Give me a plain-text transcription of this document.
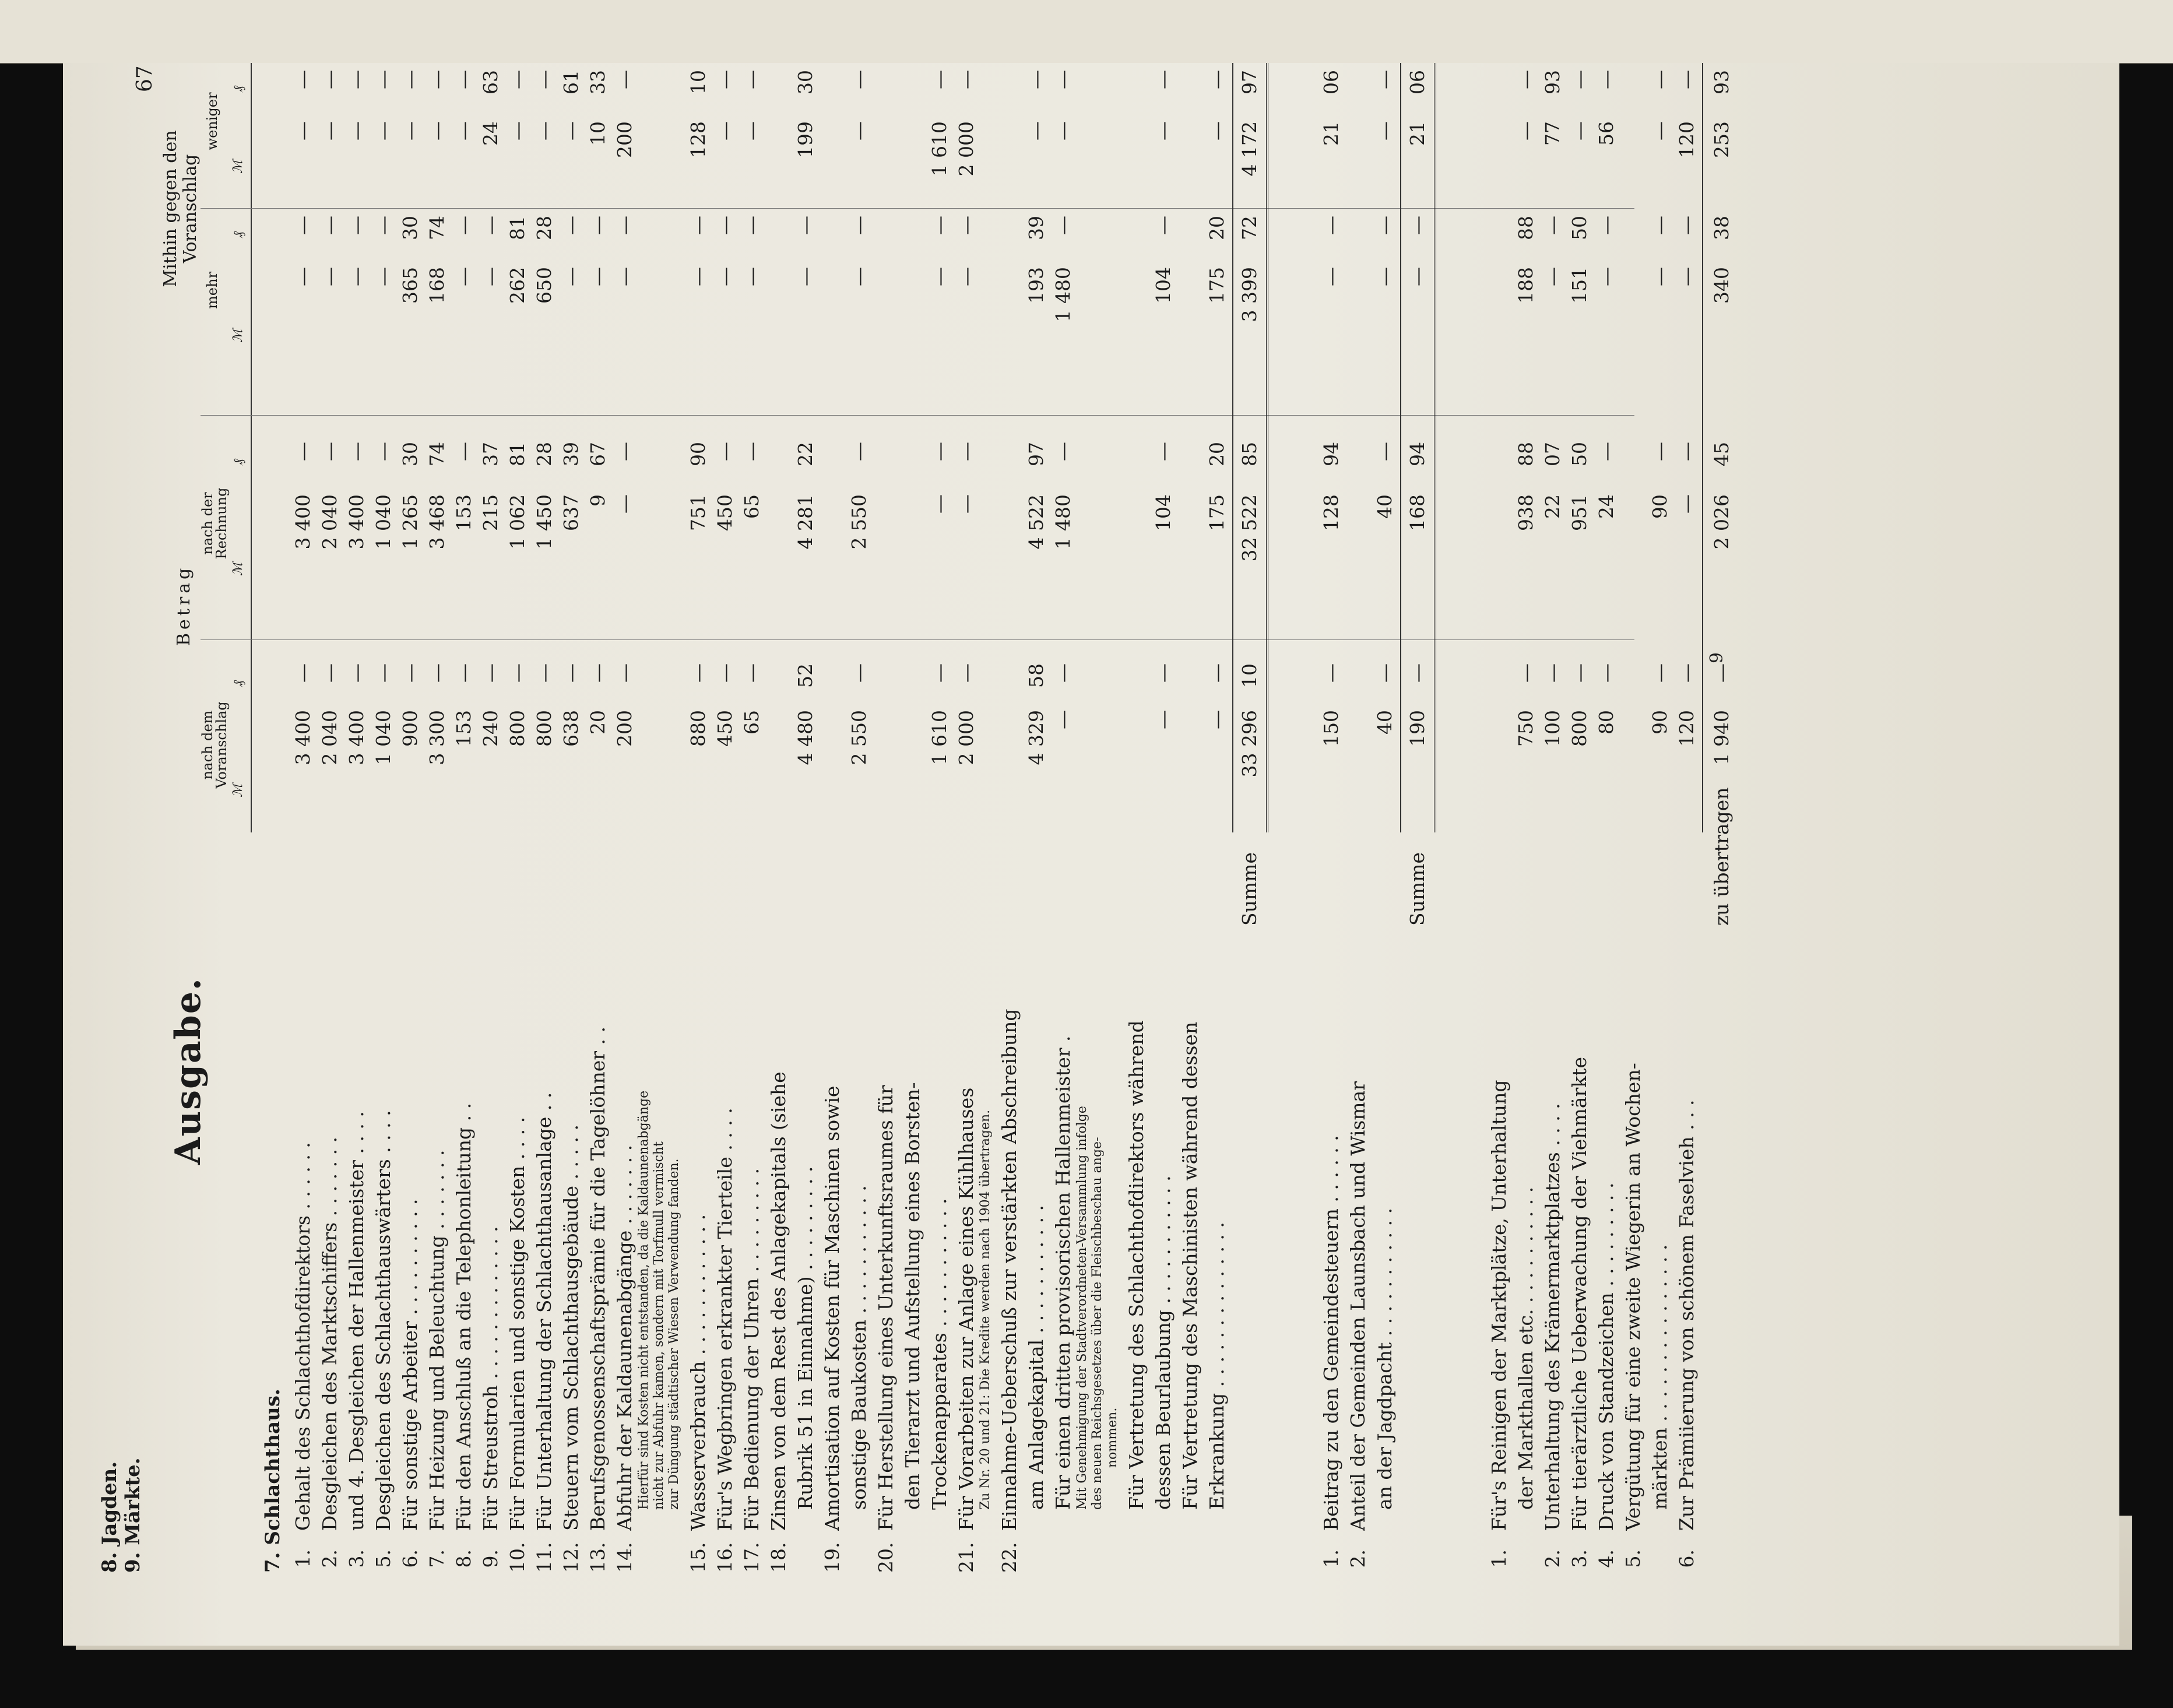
67
Ausgabe.
Betrag
nach dem
Voranschlag
nach der
Rechnung
Mithin gegen den
Voranschlag
mehr
weniger
ℳ
₰
ℳ
₰
ℳ
₰
ℳ
₰
7. Schlachthaus. 1.
Gehalt des Schlachthofdirektors . . . . . .
3 400
—
3 400
—
—
—
—
—
2.
Desgleichen des Marktschiffers . . . . . . .
2 040
—
2 040
—
—
—
—
—
3.
und 4. Desgleichen der Hallenmeister . . . .
3 400
—
3 400
—
—
—
—
—
5.
Desgleichen des Schlachthauswärters . . . .
1 040
—
1 040
—
—
—
—
—
6.
Für sonstige Arbeiter . . . . . . . . . .
900
—
1 265
30
365
30
—
—
7.
Für Heizung und Beleuchtung . . . . . . .
3 300
—
3 468
74
168
74
—
—
8.
Für den Anschluß an die Telephonleitung . .
153
—
153
—
—
—
—
—
9.
Für Streustroh . . . . . . . . . . . . .
240
—
215
37
—
—
24
63
10.
Für Formularien und sonstige Kosten . . . .
800
—
1 062
81
262
81
—
—
11.
Für Unterhaltung der Schlachthausanlage . .
800
—
1 450
28
650
28
—
—
12.
Steuern vom Schlachthausgebäude . . . . .
638
—
637
39
—
—
—
61
13.
Berufsgenossenschaftsprämie für die Tagelöhner . .
20
—
9
67
—
—
10
33
14.
Abfuhr der Kaldaunenabgänge . . . . . . .
200
—
—
—
—
—
200
—
Hierfür sind Kosten nicht entstanden, da die Kaldaunenabgänge nicht zur Abfuhr kamen, sondern mit Torfmull vermischt zur Düngung städtischer Wiesen Verwendung fanden.
15.
Wasserverbrauch . . . . . . . . . . . .
880
—
751
90
—
—
128
10
16.
Für's Wegbringen erkrankter Tierteile . . . .
450
—
450
—
—
—
—
—
17.
Für Bedienung der Uhren . . . . . . . . .
65
—
65
—
—
—
—
—
18.
Zinsen von dem Rest des Anlagekapitals (siehe Rubrik 51 in Einnahme) . . . . . . . . .
4 480
52
4 281
22
—
—
199
30
19.
Amortisation auf Kosten für Maschinen sowie sonstige Baukosten . . . . . . . . . . .
2 550
—
2 550
—
—
—
—
—
20.
Für Herstellung eines Unterkunftsraumes für den Tierarzt und Aufstellung eines Borsten- Trockenapparates . . . . . . . . . . .
1 610
—
—
—
—
—
1 610
—
21.
Für Vorarbeiten zur Anlage eines Kühlhauses
2 000
—
—
—
—
—
2 000
—
Zu Nr. 20 und 21: Die Kredite werden nach 1904 übertragen.
22.
Einnahme-Ueberschuß zur verstärkten Abschreibung am Anlagekapital . . . . . . . . . . .
4 329
58
4 522
97
193
39
—
—
Für einen dritten provisorischen Hallenmeister .
—
—
1 480
—
1 480
—
—
—
Mit Genehmigung der Stadtverordneten-Versammlung infolge des neuen Reichsgesetzes über die Fleischbeschau ange- nommen. Für Vertretung des Schlachthofdirektors während dessen Beurlaubung . . . . . . . . . . .
—
—
104
—
104
—
—
—
Für Vertretung des Maschinisten während dessen Erkrankung . . . . . . . . . . . . . .
—
—
175
20
175
20
—
—
Summe
33 296
10
32 522
85
3 399
72
4 172
97
8. Jagden.	1.
Beitrag zu den Gemeindesteuern . . . . . .
150
—
128
94
—
—
21
06
2.
Anteil der Gemeinden Launsbach und Wismar an der Jagdpacht . . . . . . . . . . .
40
—
40
—
—
—
—
—
Summe
190
—
168
94
—
—
21
06
9. Märkte.	1.
Für's Reinigen der Marktplätze, Unterhaltung der Markthallen etc. . . . . . . . . . .
750
—
938
88
188
88
—
—
2.
Unterhaltung des Krämermarktplatzes . . . .
100
—
22
07
—
—
77
93
3.
Für tierärztliche Ueberwachung der Viehmärkte
800
—
951
50
151
50
—
—
4.
Druck von Standzeichen . . . . . . . . .
80
—
24
—
—
—
56
—
5.
Vergütung für eine zweite Wiegerin an Wochen- märkten . . . . . . . . . . . . . . .
90
—
90
—
—
—
—
—
6.
Zur Prämiierung von schönem Faselvieh . . .
120
—
—
—
—
—
120
—
zu übertragen
1 940
—
2 026
45
340
38
253
93
9
